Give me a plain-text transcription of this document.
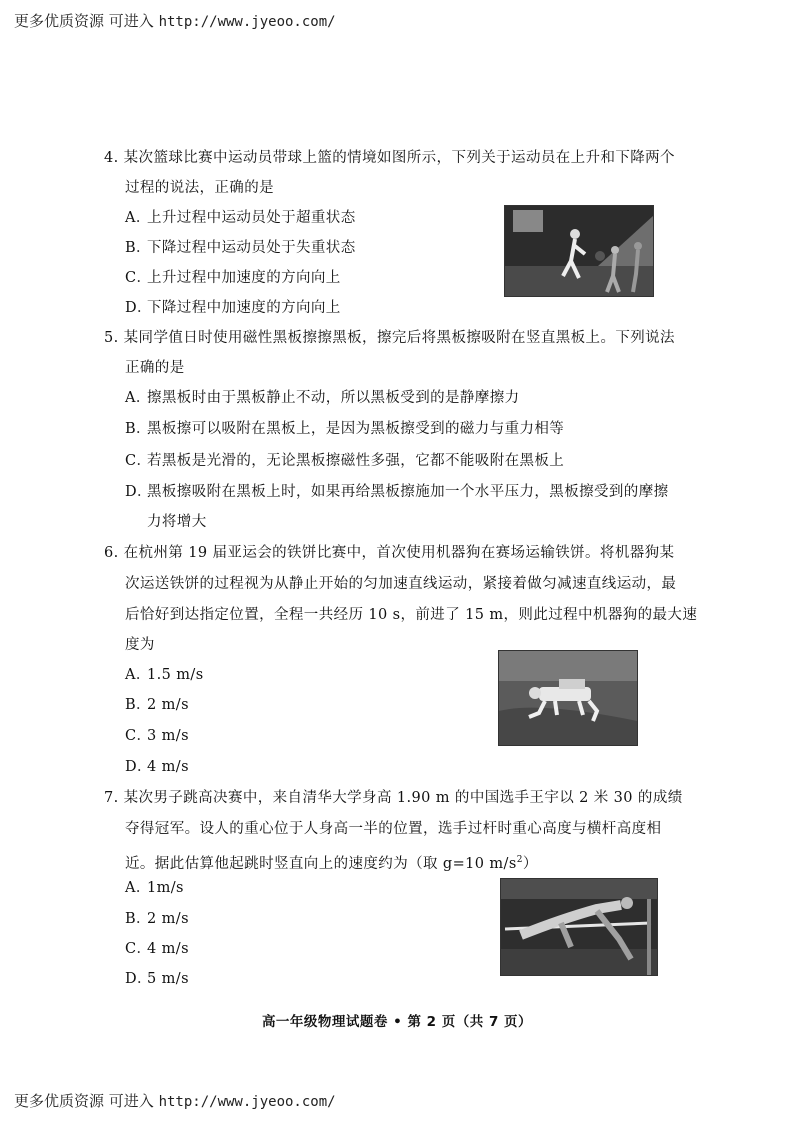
更多优质资源 可进入 http://www.jyeoo.com/
4. 某次篮球比赛中运动员带球上篮的情境如图所示，下列关于运动员在上升和下降两个
过程的说法，正确的是
A．上升过程中运动员处于超重状态
B．下降过程中运动员处于失重状态
C．上升过程中加速度的方向向上
D．下降过程中加速度的方向向上
5. 某同学值日时使用磁性黑板擦擦黑板，擦完后将黑板擦吸附在竖直黑板上。下列说法
正确的是
A．擦黑板时由于黑板静止不动，所以黑板受到的是静摩擦力
B．黑板擦可以吸附在黑板上，是因为黑板擦受到的磁力与重力相等
C．若黑板是光滑的，无论黑板擦磁性多强，它都不能吸附在黑板上
D．黑板擦吸附在黑板上时，如果再给黑板擦施加一个水平压力，黑板擦受到的摩擦
力将增大
6. 在杭州第 19 届亚运会的铁饼比赛中，首次使用机器狗在赛场运输铁饼。将机器狗某
次运送铁饼的过程视为从静止开始的匀加速直线运动，紧接着做匀减速直线运动，最
后恰好到达指定位置，全程一共经历 10 s，前进了 15 m，则此过程中机器狗的最大速
度为
A．1.5 m/s
B．2 m/s
C．3 m/s
D．4 m/s
7. 某次男子跳高决赛中，来自清华大学身高 1.90 m 的中国选手王宇以 2 米 30 的成绩
夺得冠军。设人的重心位于人身高一半的位置，选手过杆时重心高度与横杆高度相
近。据此估算他起跳时竖直向上的速度约为（取 g=10 $m/s^2$）
A．1m/s
B．2 m/s
C．4 m/s
D．5 m/s
高一年级物理试题卷 • 第 2 页（共 7 页）
更多优质资源 可进入 http://www.jyeoo.com/
